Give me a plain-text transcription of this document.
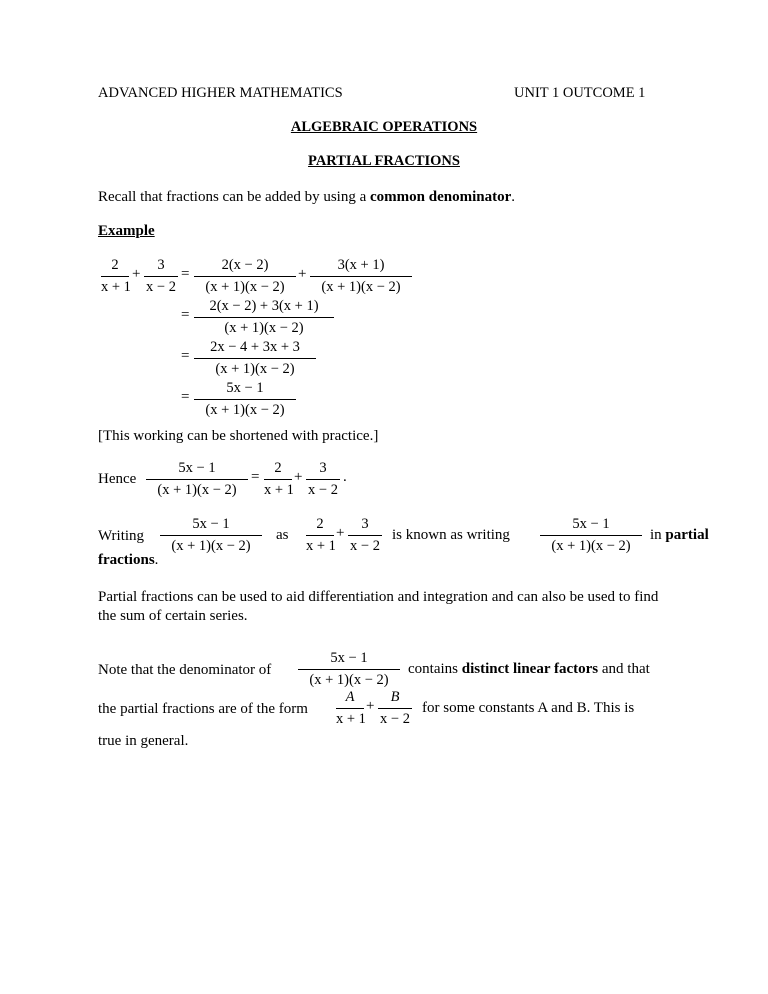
ADVANCED HIGHER MATHEMATICS	UNIT 1 OUTCOME 1
ALGEBRAIC OPERATIONS
PARTIAL FRACTIONS
Recall that fractions can be added by using a common denominator.
Example
$\frac{2}{x + 1} + \frac{3}{x - 2} = \frac{2(x - 2)}{(x + 1)(x - 2)} + \frac{3(x + 1)}{(x + 1)(x - 2)}$
= $\frac{2(x - 2) + 3(x + 1)}{(x + 1)(x - 2)}$
= $\frac{2x - 4 + 3x + 3}{(x + 1)(x - 2)}$
= $\frac{5x - 1}{(x + 1)(x - 2)}$
[This working can be shortened with practice.]
Hence $\frac{5x - 1}{(x + 1)(x - 2)} = \frac{2}{x + 1} + \frac{3}{x - 2}$ .
Writing $\frac{5x - 1}{(x + 1)(x - 2)}$ as $\frac{2}{x + 1} + \frac{3}{x - 2}$ is known as writing $\frac{5x - 1}{(x + 1)(x - 2)}$ in partial
fractions.
Partial fractions can be used to aid differentiation and integration and can also be used to find the sum of certain series.
Note that the denominator of $\frac{5x - 1}{(x + 1)(x - 2)}$ contains distinct linear factors and that
the partial fractions are of the form $\frac{A}{x + 1} + \frac{B}{x - 2}$ for some constants A and B. This is
true in general.
